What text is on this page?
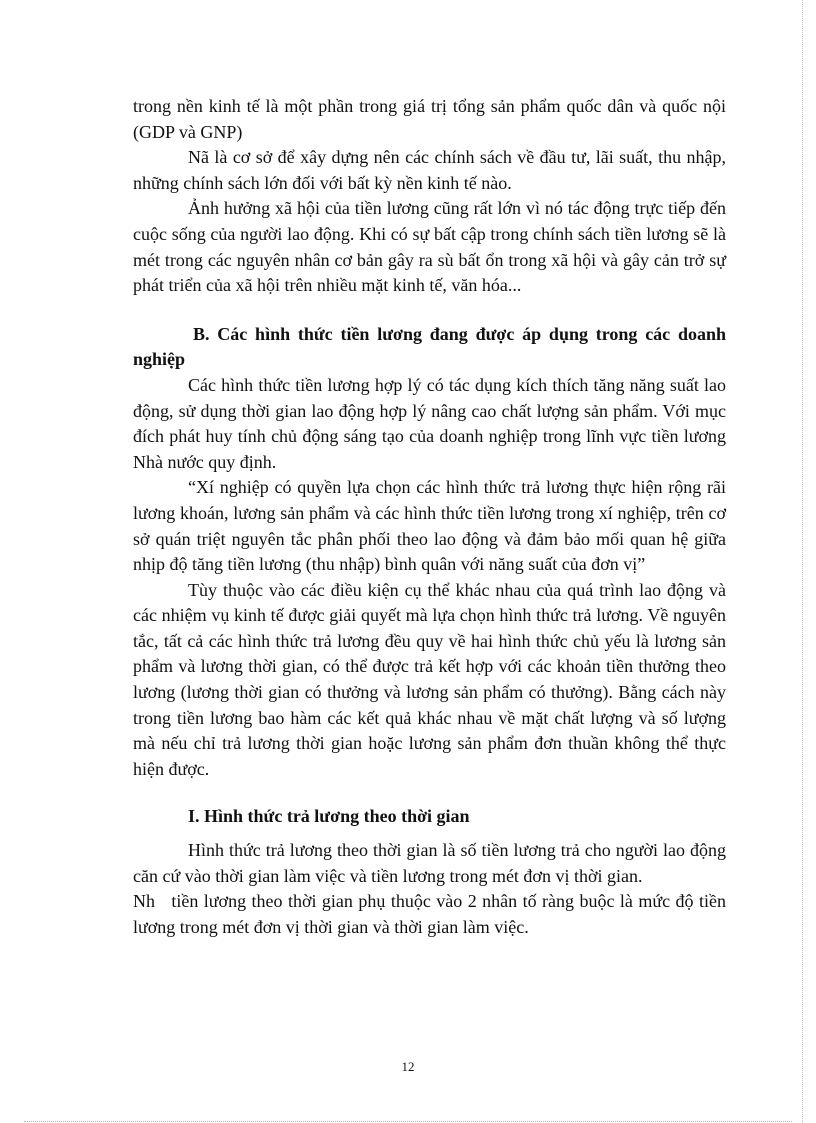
trong nền kinh tế là một phần trong giá trị tổng sản phẩm quốc dân và quốc nội (GDP và GNP)

Nã là cơ sở để xây dựng nên các chính sách về đầu tư, lãi suất, thu nhập, những chính sách lớn đối với bất kỳ nền kinh tế nào.

Ảnh hưởng xã hội của tiền lương cũng rất lớn vì nó tác động trực tiếp đến cuộc sống của người lao động. Khi có sự bất cập trong chính sách tiền lương sẽ là mét trong các nguyên nhân cơ bản gây ra sù bất ổn trong xã hội và gây cản trở sự phát triển của xã hội trên nhiều mặt kinh tế, văn hóa...

B. Các hình thức tiền lương đang được áp dụng trong các doanh nghiệp

Các hình thức tiền lương hợp lý có tác dụng kích thích tăng năng suất lao động, sử dụng thời gian lao động hợp lý nâng cao chất lượng sản phẩm. Với mục đích phát huy tính chủ động sáng tạo của doanh nghiệp trong lĩnh vực tiền lương Nhà nước quy định.

“Xí nghiệp có quyền lựa chọn các hình thức trả lương thực hiện rộng rãi lương khoán, lương sản phẩm và các hình thức tiền lương trong xí nghiệp, trên cơ sở quán triệt nguyên tắc phân phối theo lao động và đảm bảo mối quan hệ giữa nhịp độ tăng tiền lương (thu nhập) bình quân với năng suất của đơn vị”

Tùy thuộc vào các điều kiện cụ thể khác nhau của quá trình lao động và các nhiệm vụ kinh tế được giải quyết mà lựa chọn hình thức trả lương. Về nguyên tắc, tất cả các hình thức trả lương đều quy về hai hình thức chủ yếu là lương sản phẩm và lương thời gian, có thể được trả kết hợp với các khoản tiền thưởng theo lương (lương thời gian có thưởng và lương sản phẩm có thưởng). Bằng cách này trong tiền lương bao hàm các kết quả khác nhau về mặt chất lượng và số lượng mà nếu chỉ trả lương thời gian hoặc lương sản phẩm đơn thuần không thể thực hiện được.

I. Hình thức trả lương theo thời gian

Hình thức trả lương theo thời gian là số tiền lương trả cho người lao động căn cứ vào thời gian làm việc và tiền lương trong mét đơn vị thời gian.

Nh   tiền lương theo thời gian phụ thuộc vào 2 nhân tố ràng buộc là mức độ tiền lương trong mét đơn vị thời gian và thời gian làm việc.

12
